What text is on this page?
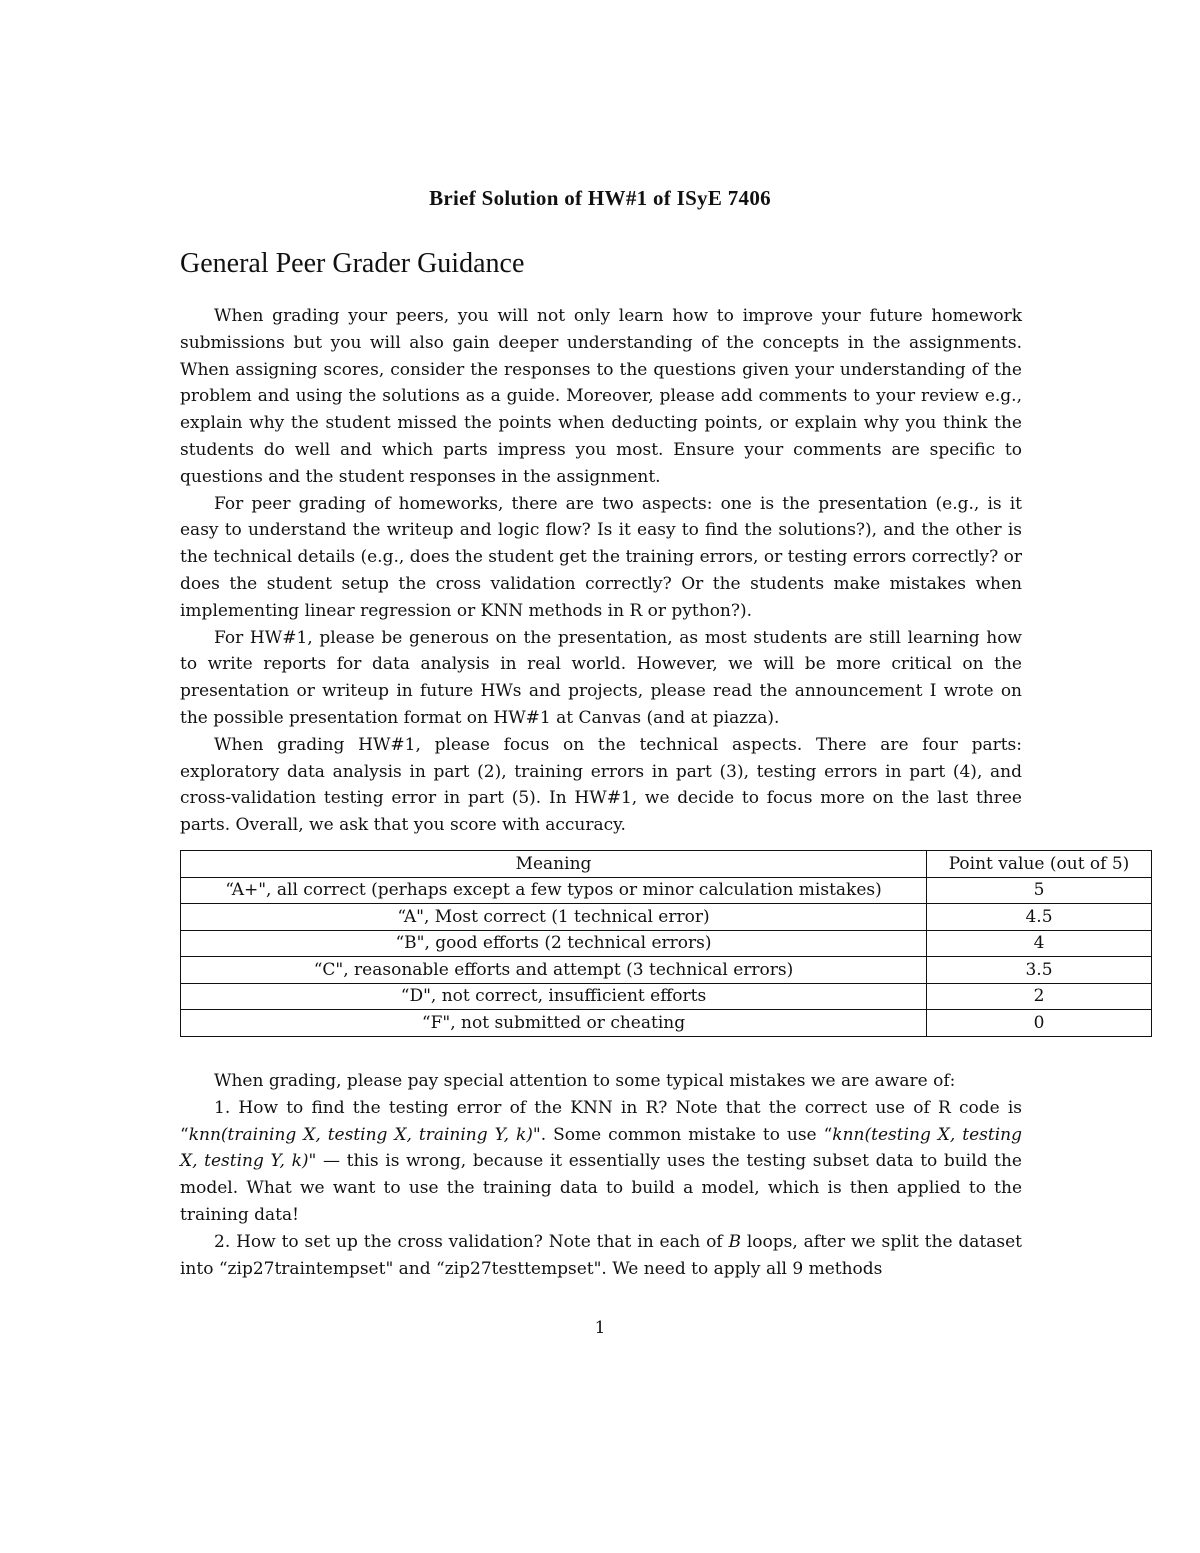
Brief Solution of HW#1 of ISyE 7406
General Peer Grader Guidance

When grading your peers, you will not only learn how to improve your future homework submissions but you will also gain deeper understanding of the concepts in the assignments. When assigning scores, consider the responses to the questions given your understanding of the problem and using the solutions as a guide. Moreover, please add comments to your review e.g., explain why the student missed the points when deducting points, or explain why you think the students do well and which parts impress you most. Ensure your comments are specific to questions and the student responses in the assignment.

For peer grading of homeworks, there are two aspects: one is the presentation (e.g., is it easy to understand the writeup and logic flow? Is it easy to find the solutions?), and the other is the technical details (e.g., does the student get the training errors, or testing errors correctly? or does the student setup the cross validation correctly? Or the students make mistakes when implementing linear regression or KNN methods in R or python?).

For HW#1, please be generous on the presentation, as most students are still learning how to write reports for data analysis in real world. However, we will be more critical on the presentation or writeup in future HWs and projects, please read the announcement I wrote on the possible presentation format on HW#1 at Canvas (and at piazza).

When grading HW#1, please focus on the technical aspects. There are four parts: exploratory data analysis in part (2), training errors in part (3), testing errors in part (4), and cross-validation testing error in part (5). In HW#1, we decide to focus more on the last three parts. Overall, we ask that you score with accuracy.

Meaning	Point value (out of 5)
“A+", all correct (perhaps except a few typos or minor calculation mistakes)	5
“A", Most correct (1 technical error)	4.5
“B", good efforts (2 technical errors)	4
“C", reasonable efforts and attempt (3 technical errors)	3.5
“D", not correct, insufficient efforts	2
“F", not submitted or cheating	0

When grading, please pay special attention to some typical mistakes we are aware of:

1. How to find the testing error of the KNN in R? Note that the correct use of R code is “knn(training X, testing X, training Y, k)". Some common mistake to use “knn(testing X, testing X, testing Y, k)" — this is wrong, because it essentially uses the testing subset data to build the model. What we want to use the training data to build a model, which is then applied to the training data!

2. How to set up the cross validation? Note that in each of B loops, after we split the dataset into “zip27traintempset" and “zip27testtempset". We need to apply all 9 methods

1
